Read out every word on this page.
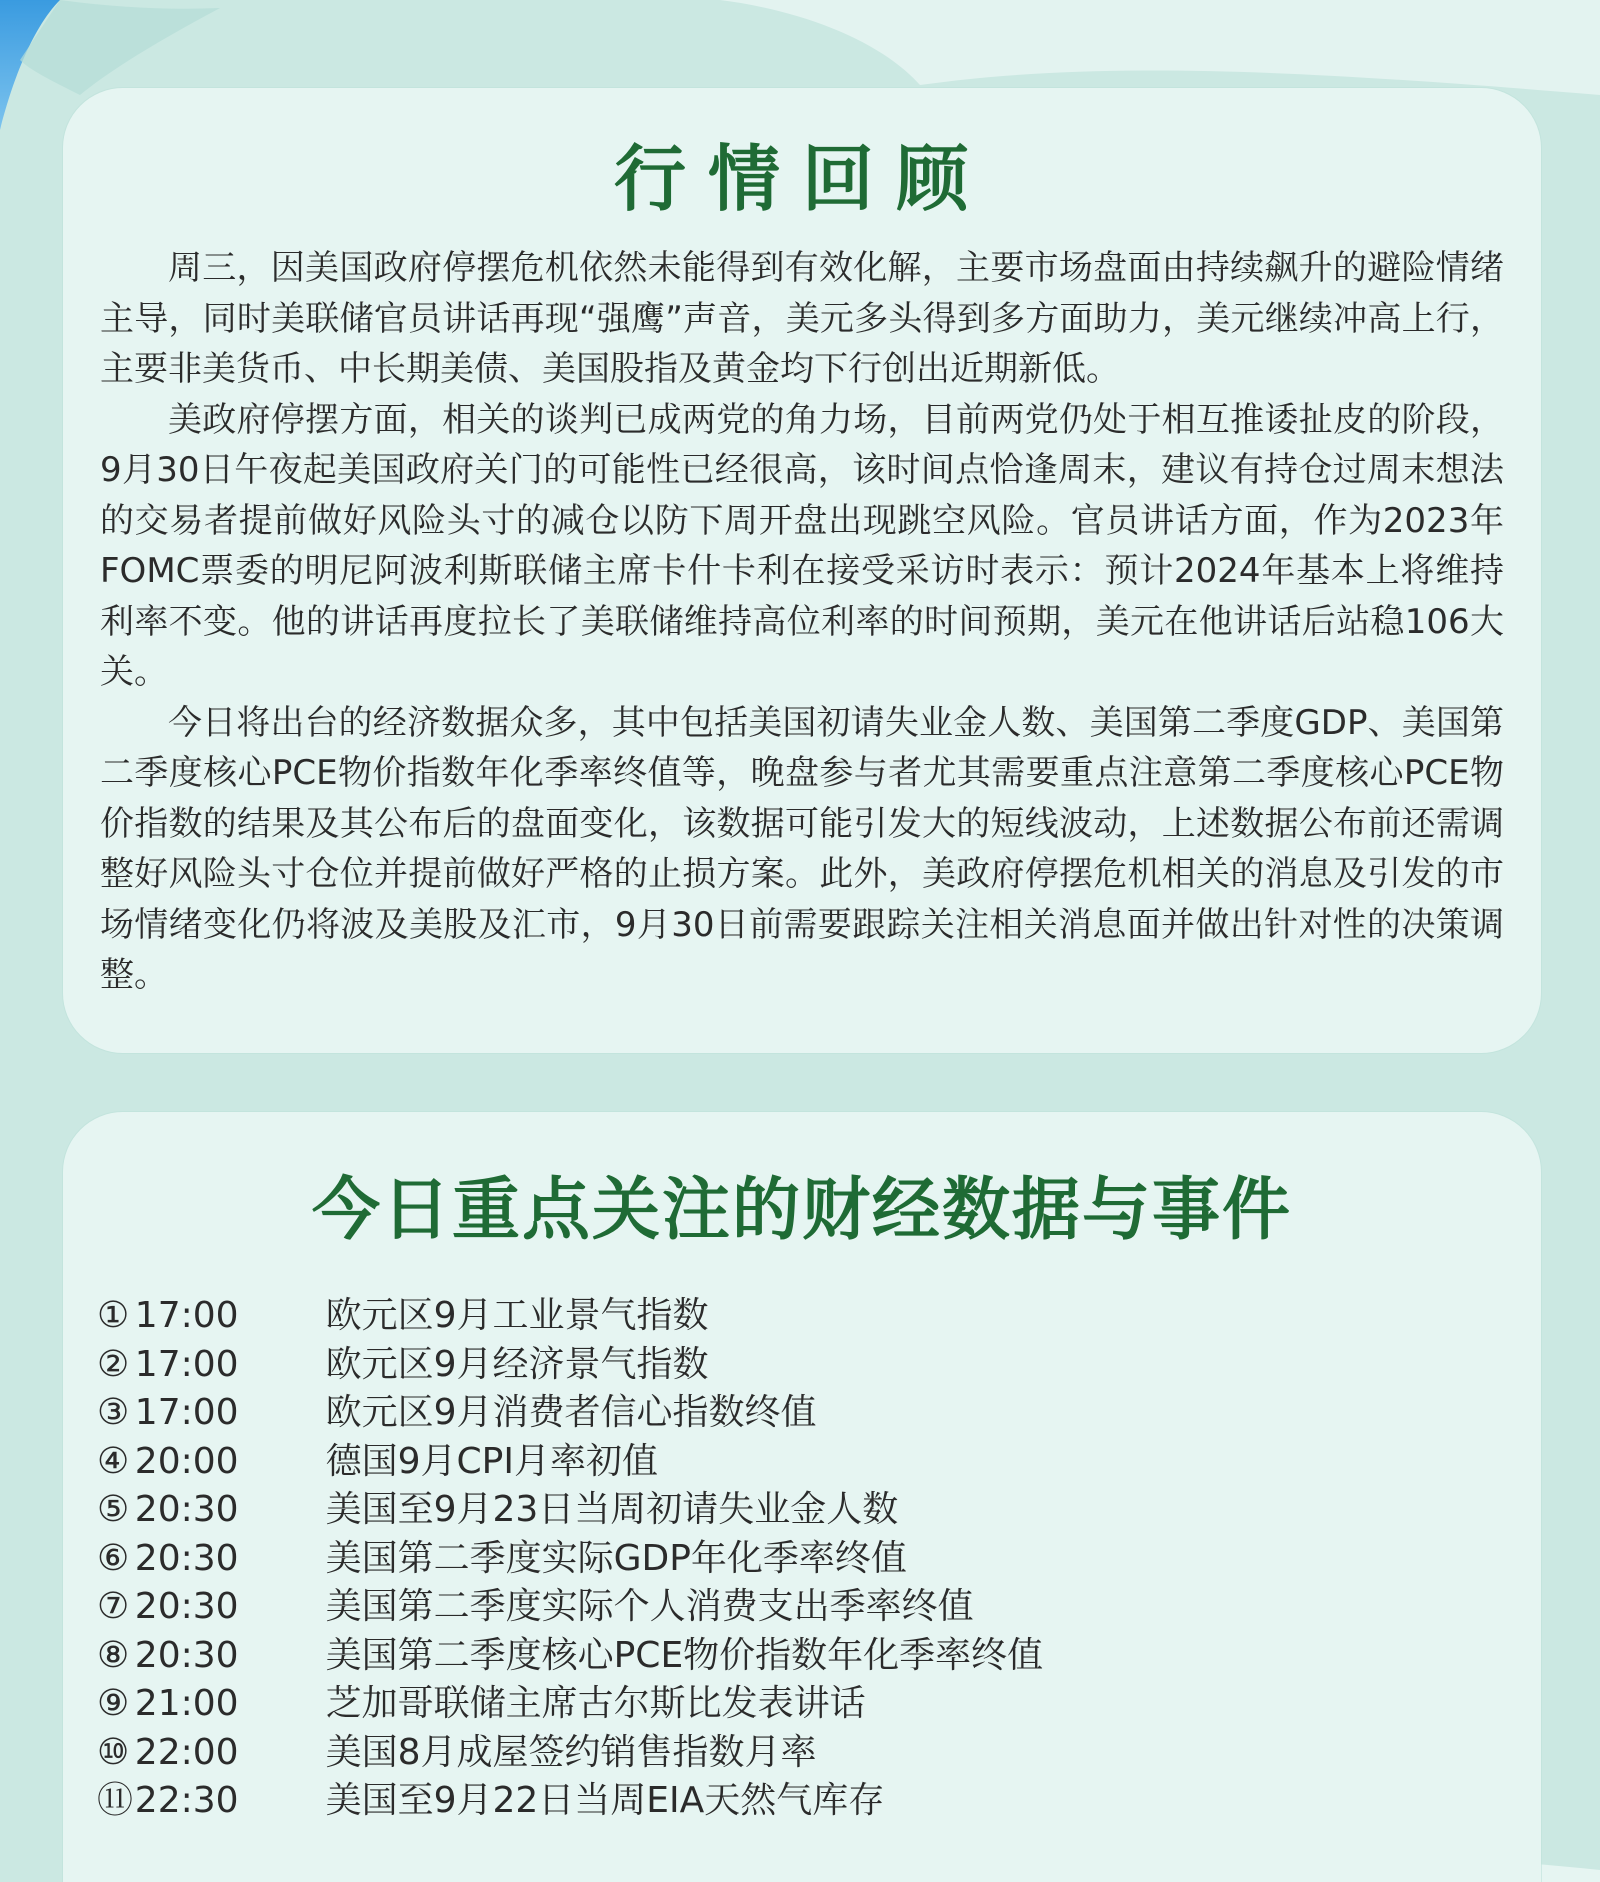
行情回顾

周三，因美国政府停摆危机依然未能得到有效化解，主要市场盘面由持续飙升的避险情绪主导，同时美联储官员讲话再现“强鹰”声音，美元多头得到多方面助力，美元继续冲高上行，主要非美货币、中长期美债、美国股指及黄金均下行创出近期新低。

美政府停摆方面，相关的谈判已成两党的角力场，目前两党仍处于相互推诿扯皮的阶段，9月30日午夜起美国政府关门的可能性已经很高，该时间点恰逢周末，建议有持仓过周末想法的交易者提前做好风险头寸的减仓以防下周开盘出现跳空风险。官员讲话方面，作为2023年FOMC票委的明尼阿波利斯联储主席卡什卡利在接受采访时表示：预计2024年基本上将维持利率不变。他的讲话再度拉长了美联储维持高位利率的时间预期，美元在他讲话后站稳106大关。

今日将出台的经济数据众多，其中包括美国初请失业金人数、美国第二季度GDP、美国第二季度核心PCE物价指数年化季率终值等，晚盘参与者尤其需要重点注意第二季度核心PCE物价指数的结果及其公布后的盘面变化，该数据可能引发大的短线波动，上述数据公布前还需调整好风险头寸仓位并提前做好严格的止损方案。此外，美政府停摆危机相关的消息及引发的市场情绪变化仍将波及美股及汇市，9月30日前需要跟踪关注相关消息面并做出针对性的决策调整。

今日重点关注的财经数据与事件
① 17:00 欧元区9月工业景气指数
② 17:00 欧元区9月经济景气指数
③ 17:00 欧元区9月消费者信心指数终值
④ 20:00 德国9月CPI月率初值
⑤ 20:30 美国至9月23日当周初请失业金人数
⑥ 20:30 美国第二季度实际GDP年化季率终值
⑦ 20:30 美国第二季度实际个人消费支出季率终值
⑧ 20:30 美国第二季度核心PCE物价指数年化季率终值
⑨ 21:00 芝加哥联储主席古尔斯比发表讲话
⑩ 22:00 美国8月成屋签约销售指数月率
⑪22:30 美国至9月22日当周EIA天然气库存
